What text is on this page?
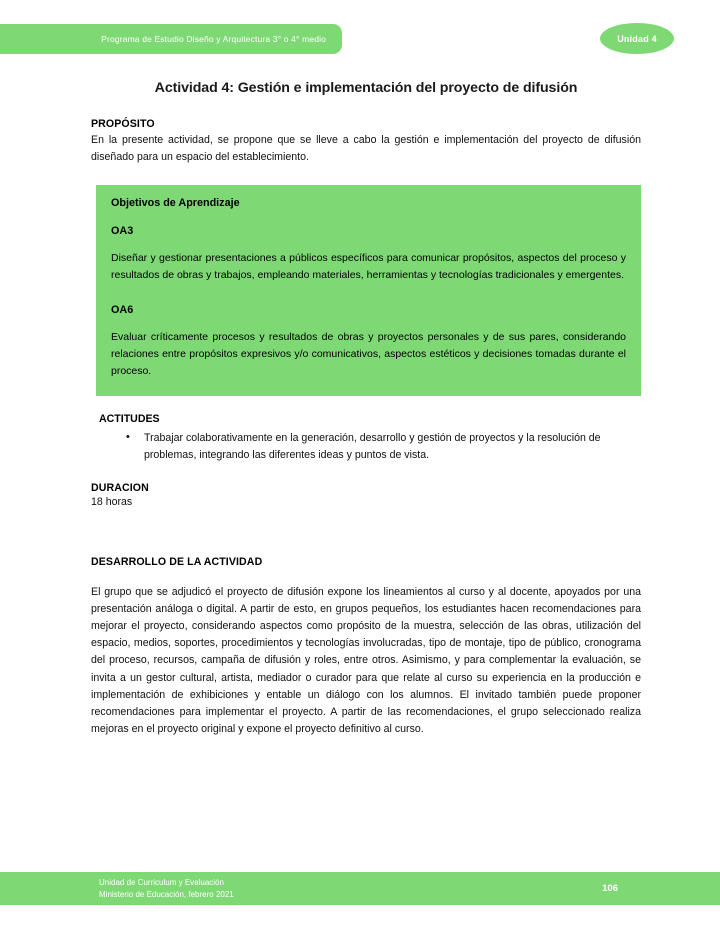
Programa de Estudio Diseño y Arquitectura 3° o 4° medio	Unidad 4
Actividad 4: Gestión e implementación del proyecto de difusión
PROPÓSITO

En la presente actividad, se propone que se lleve a cabo la gestión e implementación del proyecto de difusión diseñado para un espacio del establecimiento.

Objetivos de Aprendizaje
OA3

Diseñar y gestionar presentaciones a públicos específicos para comunicar propósitos, aspectos del proceso y resultados de obras y trabajos, empleando materiales, herramientas y tecnologías tradicionales y emergentes.

OA6

Evaluar críticamente procesos y resultados de obras y proyectos personales y de sus pares, considerando relaciones entre propósitos expresivos y/o comunicativos, aspectos estéticos y decisiones tomadas durante el proceso.

ACTITUDES
• Trabajar colaborativamente en la generación, desarrollo y gestión de proyectos y la resolución de problemas, integrando las diferentes ideas y puntos de vista.
DURACION

18 horas

DESARROLLO DE LA ACTIVIDAD

El grupo que se adjudicó el proyecto de difusión expone los lineamientos al curso y al docente, apoyados por una presentación análoga o digital. A partir de esto, en grupos pequeños, los estudiantes hacen recomendaciones para mejorar el proyecto, considerando aspectos como propósito de la muestra, selección de las obras, utilización del espacio, medios, soportes, procedimientos y tecnologías involucradas, tipo de montaje, tipo de público, cronograma del proceso, recursos, campaña de difusión y roles, entre otros. Asimismo, y para complementar la evaluación, se invita a un gestor cultural, artista, mediador o curador para que relate al curso su experiencia en la producción e implementación de exhibiciones y entable un diálogo con los alumnos. El invitado también puede proponer recomendaciones para implementar el proyecto. A partir de las recomendaciones, el grupo seleccionado realiza mejoras en el proyecto original y expone el proyecto definitivo al curso.

Unidad de Curriculum y Evaluación
Ministerio de Educación, febrero 2021	106
